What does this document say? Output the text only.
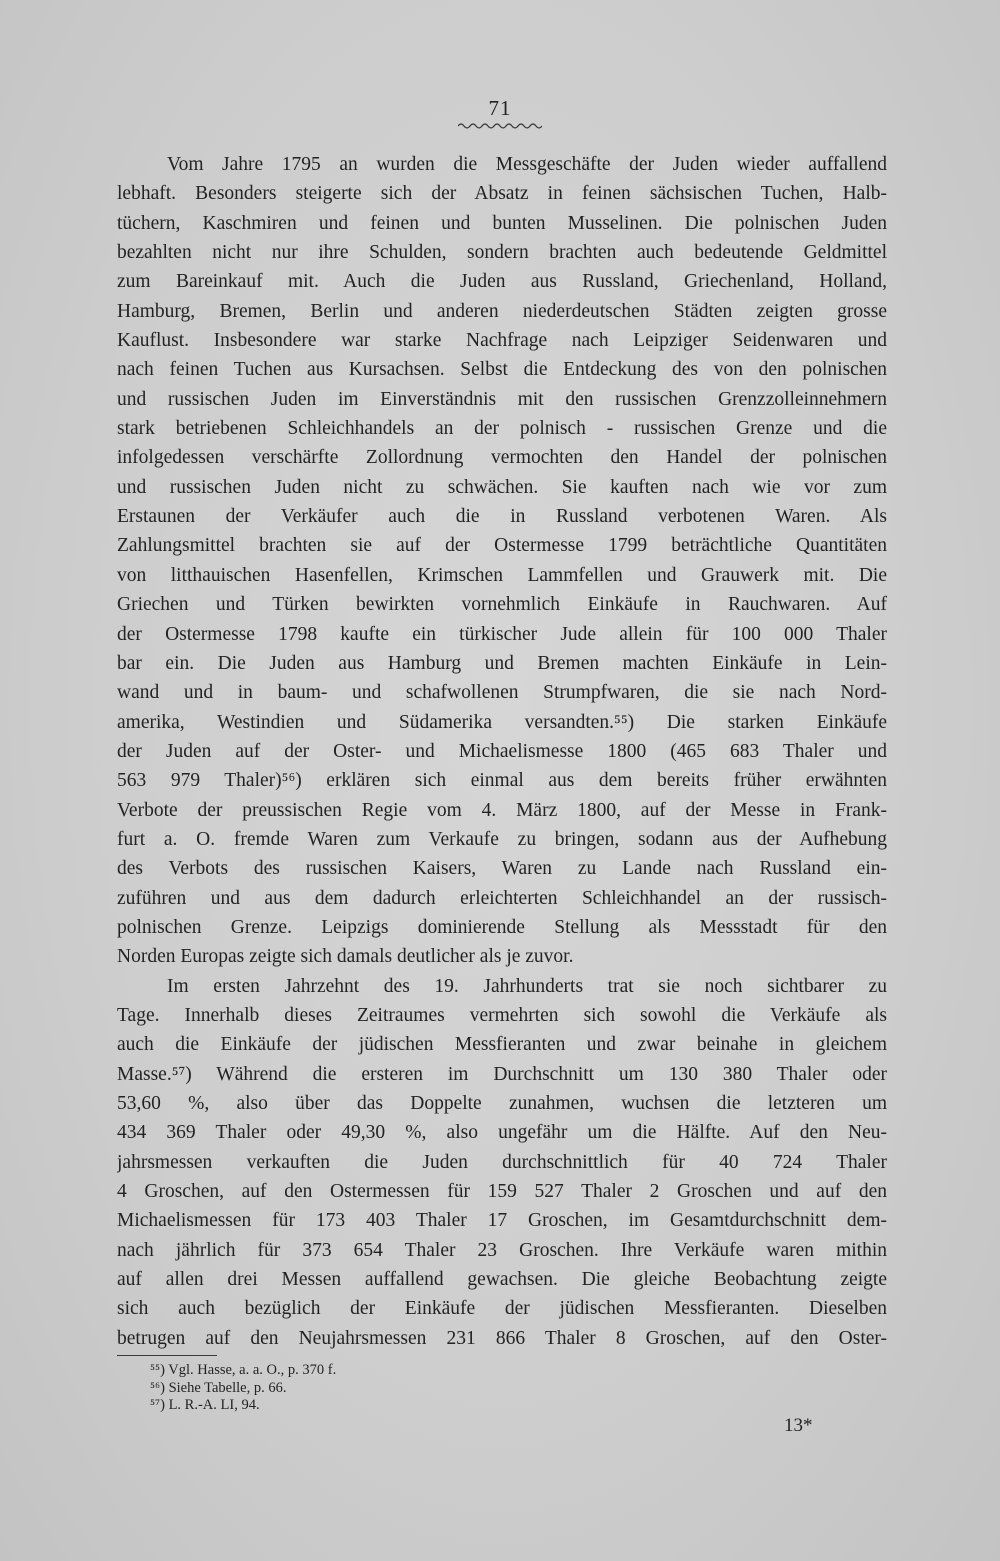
71
Vom Jahre 1795 an wurden die Messgeschäfte der Juden wieder auffallend
lebhaft. Besonders steigerte sich der Absatz in feinen sächsischen Tuchen, Halb-
tüchern, Kaschmiren und feinen und bunten Musselinen. Die polnischen Juden
bezahlten nicht nur ihre Schulden, sondern brachten auch bedeutende Geldmittel
zum Bareinkauf mit. Auch die Juden aus Russland, Griechenland, Holland,
Hamburg, Bremen, Berlin und anderen niederdeutschen Städten zeigten grosse
Kauflust. Insbesondere war starke Nachfrage nach Leipziger Seidenwaren und
nach feinen Tuchen aus Kursachsen. Selbst die Entdeckung des von den polnischen
und russischen Juden im Einverständnis mit den russischen Grenzzolleinnehmern
stark betriebenen Schleichhandels an der polnisch - russischen Grenze und die
infolgedessen verschärfte Zollordnung vermochten den Handel der polnischen
und russischen Juden nicht zu schwächen. Sie kauften nach wie vor zum
Erstaunen der Verkäufer auch die in Russland verbotenen Waren. Als
Zahlungsmittel brachten sie auf der Ostermesse 1799 beträchtliche Quantitäten
von litthauischen Hasenfellen, Krimschen Lammfellen und Grauwerk mit. Die
Griechen und Türken bewirkten vornehmlich Einkäufe in Rauchwaren. Auf
der Ostermesse 1798 kaufte ein türkischer Jude allein für 100 000 Thaler
bar ein. Die Juden aus Hamburg und Bremen machten Einkäufe in Lein-
wand und in baum- und schafwollenen Strumpfwaren, die sie nach Nord-
amerika, Westindien und Südamerika versandten.⁵⁵) Die starken Einkäufe
der Juden auf der Oster- und Michaelismesse 1800 (465 683 Thaler und
563 979 Thaler)⁵⁶) erklären sich einmal aus dem bereits früher erwähnten
Verbote der preussischen Regie vom 4. März 1800, auf der Messe in Frank-
furt a. O. fremde Waren zum Verkaufe zu bringen, sodann aus der Aufhebung
des Verbots des russischen Kaisers, Waren zu Lande nach Russland ein-
zuführen und aus dem dadurch erleichterten Schleichhandel an der russisch-
polnischen Grenze. Leipzigs dominierende Stellung als Messstadt für den
Norden Europas zeigte sich damals deutlicher als je zuvor.
Im ersten Jahrzehnt des 19. Jahrhunderts trat sie noch sichtbarer zu
Tage. Innerhalb dieses Zeitraumes vermehrten sich sowohl die Verkäufe als
auch die Einkäufe der jüdischen Messfieranten und zwar beinahe in gleichem
Masse.⁵⁷) Während die ersteren im Durchschnitt um 130 380 Thaler oder
53,60 %, also über das Doppelte zunahmen, wuchsen die letzteren um
434 369 Thaler oder 49,30 %, also ungefähr um die Hälfte. Auf den Neu-
jahrsmessen verkauften die Juden durchschnittlich für 40 724 Thaler
4 Groschen, auf den Ostermessen für 159 527 Thaler 2 Groschen und auf den
Michaelismessen für 173 403 Thaler 17 Groschen, im Gesamtdurchschnitt dem-
nach jährlich für 373 654 Thaler 23 Groschen. Ihre Verkäufe waren mithin
auf allen drei Messen auffallend gewachsen. Die gleiche Beobachtung zeigte
sich auch bezüglich der Einkäufe der jüdischen Messfieranten. Dieselben
betrugen auf den Neujahrsmessen 231 866 Thaler 8 Groschen, auf den Oster-
⁵⁵) Vgl. Hasse, a. a. O., p. 370 f.
⁵⁶) Siehe Tabelle, p. 66.
⁵⁷) L. R.-A. LI, 94.
13*
